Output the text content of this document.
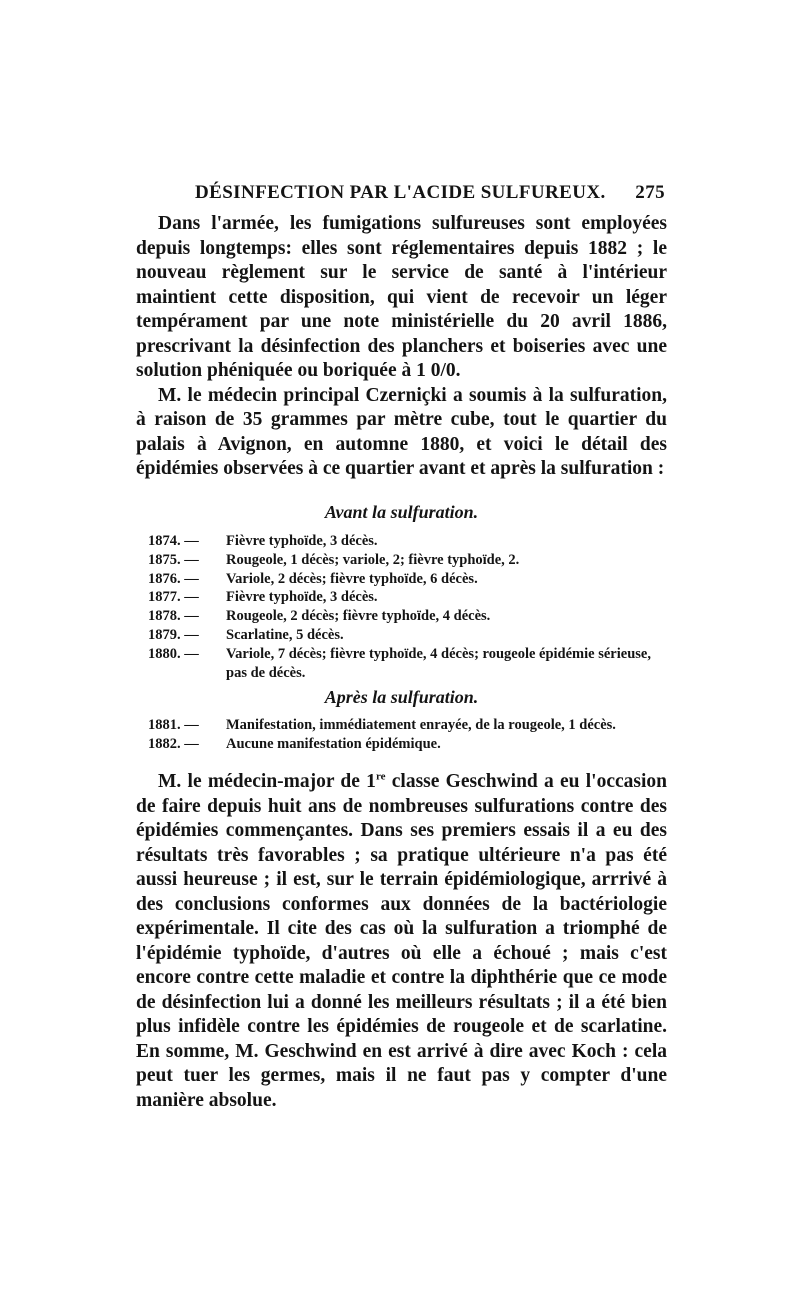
DÉSINFECTION PAR L'ACIDE SULFUREUX. 275

Dans l'armée, les fumigations sulfureuses sont employées depuis longtemps: elles sont réglementaires depuis 1882 ; le nouveau règlement sur le service de santé à l'intérieur maintient cette disposition, qui vient de recevoir un léger tempérament par une note ministérielle du 20 avril 1886, prescrivant la désinfection des planchers et boiseries avec une solution phéniquée ou boriquée à 1 0/0.

M. le médecin principal Czerniçki a soumis à la sulfuration, à raison de 35 grammes par mètre cube, tout le quartier du palais à Avignon, en automne 1880, et voici le détail des épidémies observées à ce quartier avant et après la sulfuration :

Avant la sulfuration.
1874. —	Fièvre typhoïde, 3 décès.
1875. —	Rougeole, 1 décès; variole, 2; fièvre typhoïde, 2.
1876. —	Variole, 2 décès; fièvre typhoïde, 6 décès.
1877. —	Fièvre typhoïde, 3 décès.
1878. —	Rougeole, 2 décès; fièvre typhoïde, 4 décès.
1879. —	Scarlatine, 5 décès.
1880. —	Variole, 7 décès; fièvre typhoïde, 4 décès; rougeole épidémie sérieuse, pas de décès.
Après la sulfuration.
1881. —	Manifestation, immédiatement enrayée, de la rougeole, 1 décès.
1882. —	Aucune manifestation épidémique.

M. le médecin-major de 1re classe Geschwind a eu l'occasion de faire depuis huit ans de nombreuses sulfurations contre des épidémies commençantes. Dans ses premiers essais il a eu des résultats très favorables ; sa pratique ultérieure n'a pas été aussi heureuse ; il est, sur le terrain épidémiologique, arrrivé à des conclusions conformes aux données de la bactériologie expérimentale. Il cite des cas où la sulfuration a triomphé de l'épidémie typhoïde, d'autres où elle a échoué ; mais c'est encore contre cette maladie et contre la diphthérie que ce mode de désinfection lui a donné les meilleurs résultats ; il a été bien plus infidèle contre les épidémies de rougeole et de scarlatine. En somme, M. Geschwind en est arrivé à dire avec Koch : cela peut tuer les germes, mais il ne faut pas y compter d'une manière absolue.
